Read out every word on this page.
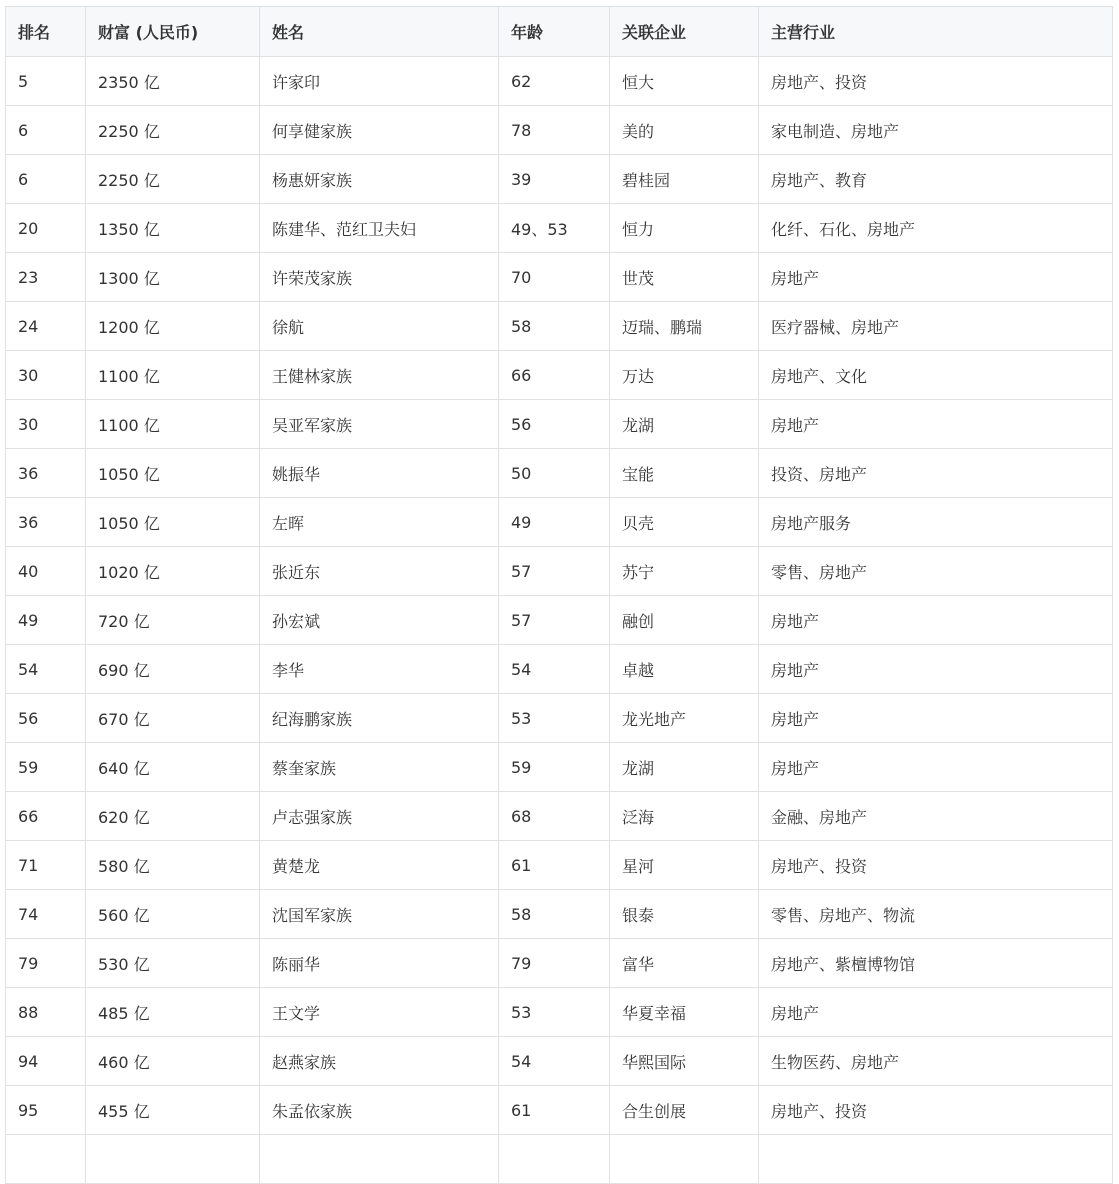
排名	财富 (人民币)	姓名	年龄	关联企业	主营行业
5	2350 亿	许家印	62	恒大	房地产、投资
6	2250 亿	何享健家族	78	美的	家电制造、房地产
6	2250 亿	杨惠妍家族	39	碧桂园	房地产、教育
20	1350 亿	陈建华、范红卫夫妇	49、53	恒力	化纤、石化、房地产
23	1300 亿	许荣茂家族	70	世茂	房地产
24	1200 亿	徐航	58	迈瑞、鹏瑞	医疗器械、房地产
30	1100 亿	王健林家族	66	万达	房地产、文化
30	1100 亿	吴亚军家族	56	龙湖	房地产
36	1050 亿	姚振华	50	宝能	投资、房地产
36	1050 亿	左晖	49	贝壳	房地产服务
40	1020 亿	张近东	57	苏宁	零售、房地产
49	720 亿	孙宏斌	57	融创	房地产
54	690 亿	李华	54	卓越	房地产
56	670 亿	纪海鹏家族	53	龙光地产	房地产
59	640 亿	蔡奎家族	59	龙湖	房地产
66	620 亿	卢志强家族	68	泛海	金融、房地产
71	580 亿	黄楚龙	61	星河	房地产、投资
74	560 亿	沈国军家族	58	银泰	零售、房地产、物流
79	530 亿	陈丽华	79	富华	房地产、紫檀博物馆
88	485 亿	王文学	53	华夏幸福	房地产
94	460 亿	赵燕家族	54	华熙国际	生物医药、房地产
95	455 亿	朱孟依家族	61	合生创展	房地产、投资
